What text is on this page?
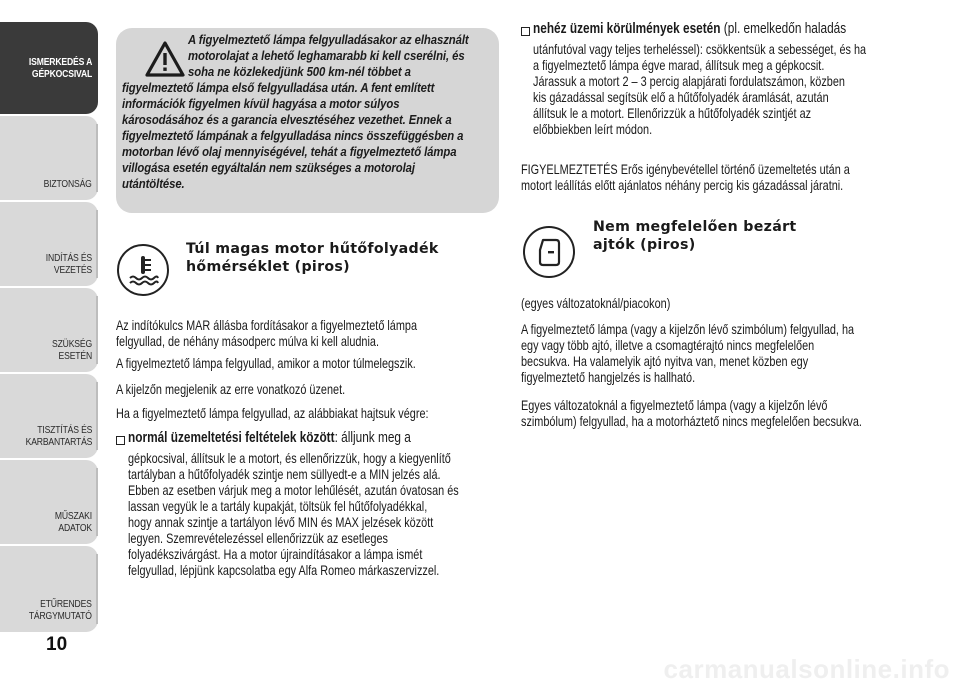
ISMERKEDÉS A
GÉPKOCSIVAL
BIZTONSÁG
INDÍTÁS ÉS VEZETÉS
SZÜKSÉG ESETÉN
TISZTÍTÁS ÉS
KARBANTARTÁS
MŰSZAKI ADATOK
ETŰRENDES
TÁRGYMUTATÓ
10
A figyelmeztető lámpa felgyulladásakor az elhasznált
motorolajat a lehető leghamarabb ki kell cserélni, és
soha ne közlekedjünk 500 km-nél többet a
figyelmeztető lámpa első felgyulladása után. A fent említett
információk figyelmen kívül hagyása a motor súlyos
károsodásához és a garancia elvesztéséhez vezethet. Ennek a
figyelmeztető lámpának a felgyulladása nincs összefüggésben a
motorban lévő olaj mennyiségével, tehát a figyelmeztető lámpa
villogása esetén egyáltalán nem szükséges a motorolaj
utántöltése.
Túl magas motor hűtőfolyadék
hőmérséklet (piros)
Az indítókulcs MAR állásba fordításakor a figyelmeztető lámpa
felgyullad, de néhány másodperc múlva ki kell aludnia.
A figyelmeztető lámpa felgyullad, amikor a motor túlmelegszik.
A kijelzőn megjelenik az erre vonatkozó üzenet.
Ha a figyelmeztető lámpa felgyullad, az alábbiakat hajtsuk végre:
normál üzemeltetési feltételek között: álljunk meg a
gépkocsival, állítsuk le a motort, és ellenőrizzük, hogy a kiegyenlítő
tartályban a hűtőfolyadék szintje nem süllyedt-e a MIN jelzés alá.
Ebben az esetben várjuk meg a motor lehűlését, azután óvatosan és
lassan vegyük le a tartály kupakját, töltsük fel hűtőfolyadékkal,
hogy annak szintje a tartályon lévő MIN és MAX jelzések között
legyen. Szemrevételezéssel ellenőrizzük az esetleges
folyadékszivárgást. Ha a motor újraindításakor a lámpa ismét
felgyullad, lépjünk kapcsolatba egy Alfa Romeo márkaszervizzel.
nehéz üzemi körülmények esetén (pl. emelkedőn haladás
utánfutóval vagy teljes terheléssel): csökkentsük a sebességet, és ha
a figyelmeztető lámpa égve marad, állítsuk meg a gépkocsit.
Járassuk a motort 2 – 3 percig alapjárati fordulatszámon, közben
kis gázadással segítsük elő a hűtőfolyadék áramlását, azután
állítsuk le a motort. Ellenőrizzük a hűtőfolyadék szintjét az
előbbiekben leírt módon.
FIGYELMEZTETÉS Erős igénybevétellel történő üzemeltetés után a
motort leállítás előtt ajánlatos néhány percig kis gázadással járatni.
Nem megfelelően bezárt
ajtók (piros)
(egyes változatoknál/piacokon)
A figyelmeztető lámpa (vagy a kijelzőn lévő szimbólum) felgyullad, ha
egy vagy több ajtó, illetve a csomagtérajtó nincs megfelelően
becsukva. Ha valamelyik ajtó nyitva van, menet közben egy
figyelmeztető hangjelzés is hallható.
Egyes változatoknál a figyelmeztető lámpa (vagy a kijelzőn lévő
szimbólum) felgyullad, ha a motorháztető nincs megfelelően becsukva.
carmanualsonline.info
